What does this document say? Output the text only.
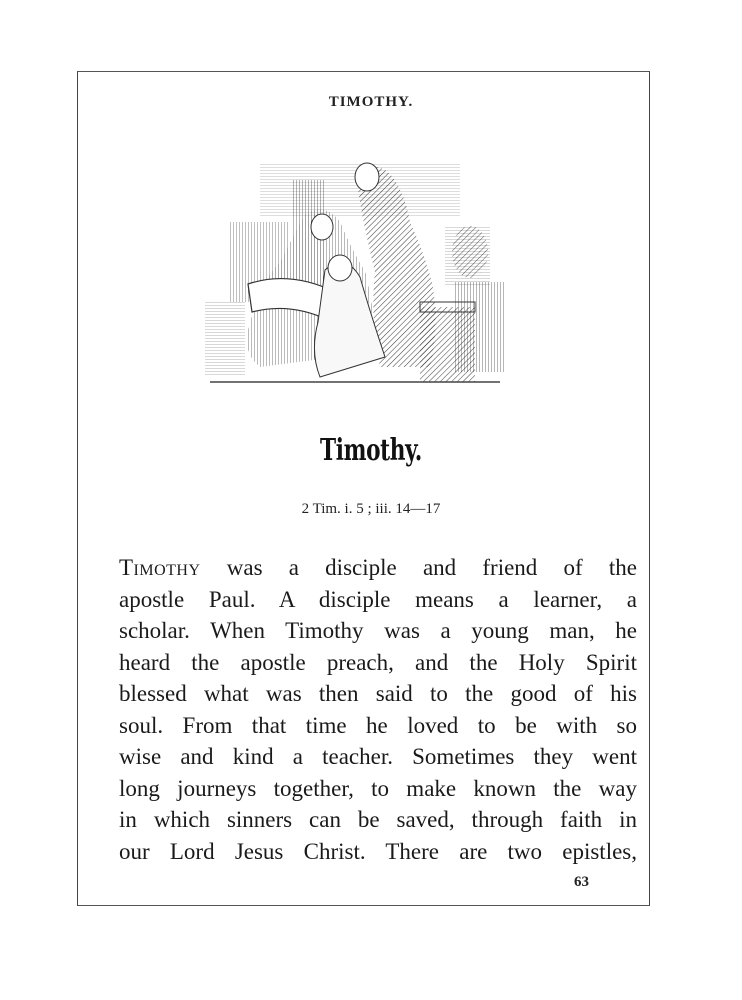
TIMOTHY.
Timothy.
2 Tim. i. 5 ; iii. 14—17
Timothy was a disciple and friend of the
apostle Paul. A disciple means a learner, a
scholar. When Timothy was a young man, he
heard the apostle preach, and the Holy Spirit
blessed what was then said to the good of his
soul. From that time he loved to be with so
wise and kind a teacher. Sometimes they went
long journeys together, to make known the way
in which sinners can be saved, through faith in
our Lord Jesus Christ. There are two epistles,
63
